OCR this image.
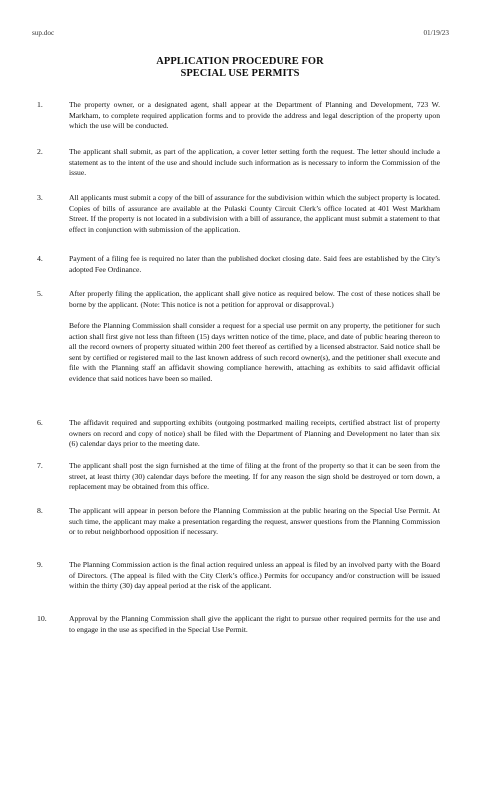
sup.doc	01/19/23
APPLICATION PROCEDURE FOR
SPECIAL USE PERMITS
1.	The property owner, or a designated agent, shall appear at the Department of Planning and Development, 723 W. Markham, to complete required application forms and to provide the address and legal description of the property upon which the use will be conducted.

2.	The applicant shall submit, as part of the application, a cover letter setting forth the request. The letter should include a statement as to the intent of the use and should include such information as is necessary to inform the Commission of the issue.

3.	All applicants must submit a copy of the bill of assurance for the subdivision within which the subject property is located. Copies of bills of assurance are available at the Pulaski County Circuit Clerk’s office located at 401 West Markham Street. If the property is not located in a subdivision with a bill of assurance, the applicant must submit a statement to that effect in conjunction with submission of the application.

4.	Payment of a filing fee is required no later than the published docket closing date. Said fees are established by the City’s adopted Fee Ordinance.

5.	After properly filing the application, the applicant shall give notice as required below. The cost of these notices shall be borne by the applicant. (Note: This notice is not a petition for approval or disapproval.)

Before the Planning Commission shall consider a request for a special use permit on any property, the petitioner for such action shall first give not less than fifteen (15) days written notice of the time, place, and date of public hearing thereon to all the record owners of property situated within 200 feet thereof as certified by a licensed abstractor. Said notice shall be sent by certified or registered mail to the last known address of such record owner(s), and the petitioner shall execute and file with the Planning staff an affidavit showing compliance herewith, attaching as exhibits to said affidavit official evidence that said notices have been so mailed.

6.	The affidavit required and supporting exhibits (outgoing postmarked mailing receipts, certified abstract list of property owners on record and copy of notice) shall be filed with the Department of Planning and Development no later than six (6) calendar days prior to the meeting date.

7.	The applicant shall post the sign furnished at the time of filing at the front of the property so that it can be seen from the street, at least thirty (30) calendar days before the meeting. If for any reason the sign shold be destroyed or torn down, a replacement may be obtained from this office.

8.	The applicant will appear in person before the Planning Commission at the public hearing on the Special Use Permit. At such time, the applicant may make a presentation regarding the request, answer questions from the Planning Commission or to rebut neighborhood opposition if necessary.

9.	The Planning Commission action is the final action required unless an appeal is filed by an involved party with the Board of Directors. (The appeal is filed with the City Clerk’s office.) Permits for occupancy and/or construction will be issued within the thirty (30) day appeal period at the risk of the applicant.

10.	Approval by the Planning Commission shall give the applicant the right to pursue other required permits for the use and to engage in the use as specified in the Special Use Permit.
